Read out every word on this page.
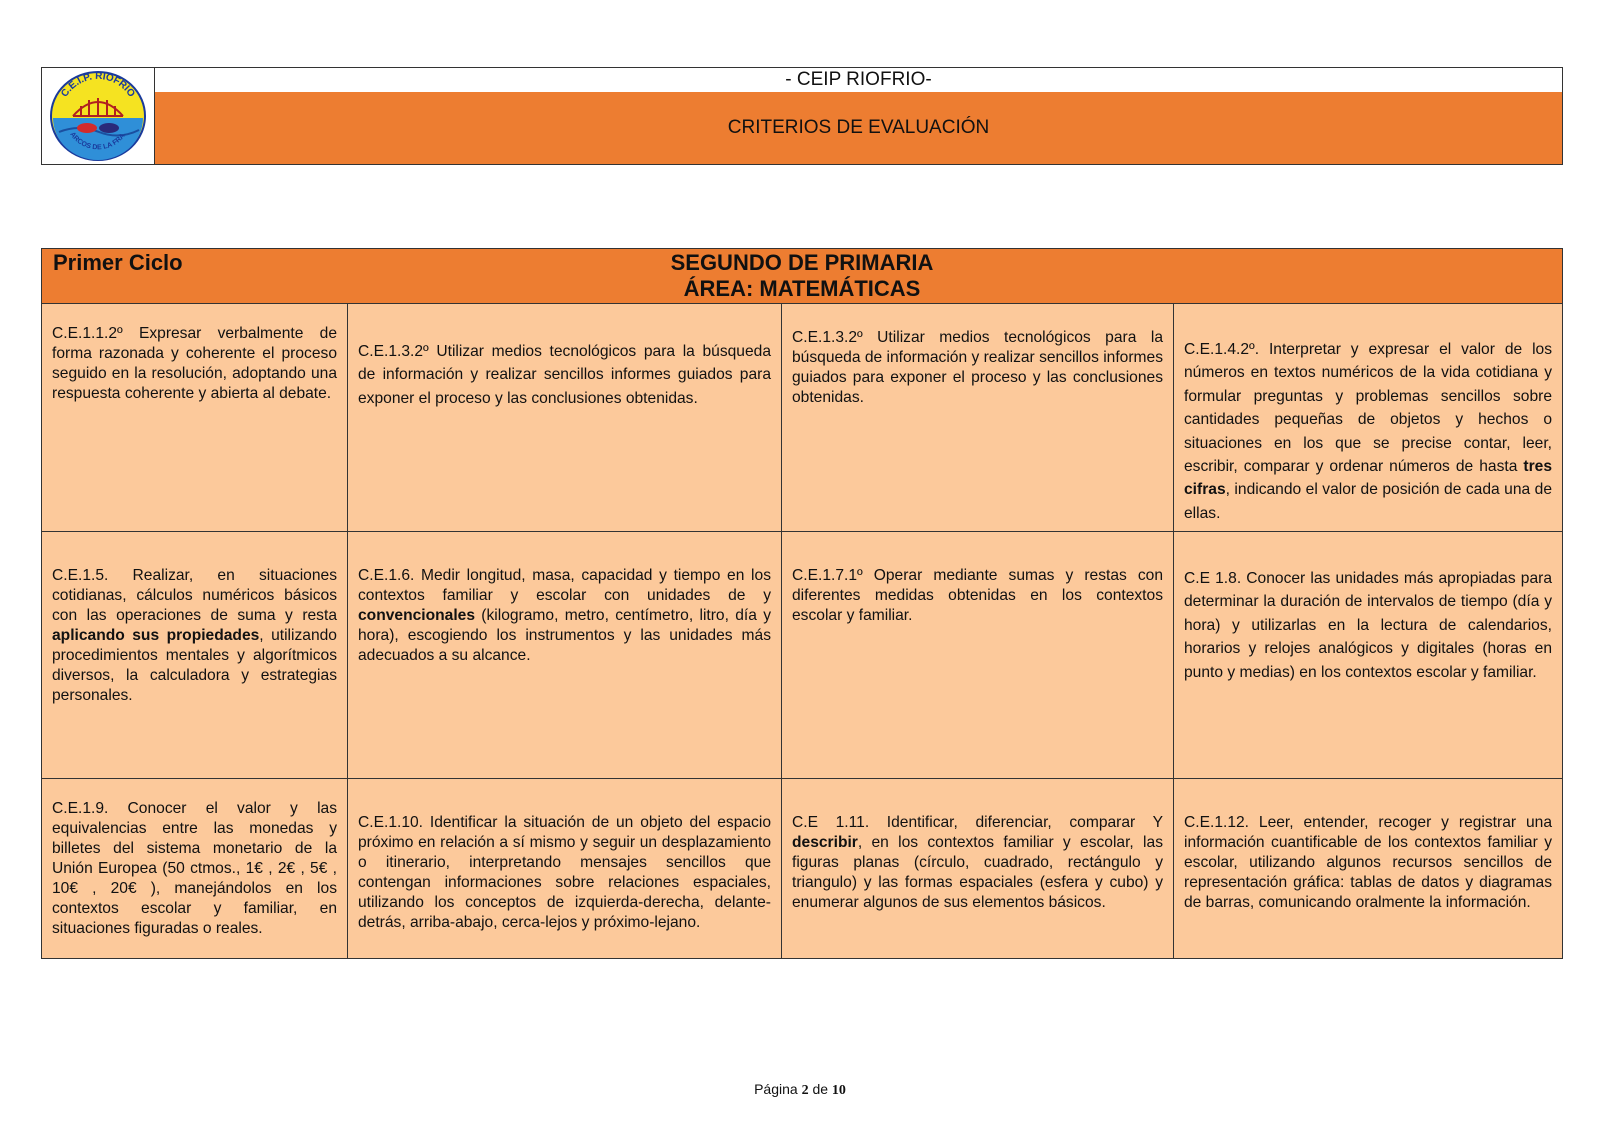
C.E.I.P. RIOFRÍO
ARCOS DE LA FRA.
- CEIP RIOFRIO-
CRITERIOS DE EVALUACIÓN
Primer Ciclo	SEGUNDO DE PRIMARIA
ÁREA: MATEMÁTICAS
C.E.1.1.2º Expresar verbalmente de forma razonada y coherente el proceso seguido en la resolución, adoptando una respuesta coherente y abierta al debate.
C.E.1.3.2º Utilizar medios tecnológicos para la búsqueda de información y realizar sencillos informes guiados para exponer el proceso y las conclusiones obtenidas.
C.E.1.3.2º Utilizar medios tecnológicos para la búsqueda de información y realizar sencillos informes guiados para exponer el proceso y las conclusiones obtenidas.
C.E.1.4.2º. Interpretar y expresar el valor de los números en textos numéricos de la vida cotidiana y formular preguntas y problemas sencillos sobre cantidades pequeñas de objetos y hechos o situaciones en los que se precise contar, leer, escribir, comparar y ordenar números de hasta tres cifras, indicando el valor de posición de cada una de ellas.
C.E.1.5. Realizar, en situaciones cotidianas, cálculos numéricos básicos con las operaciones de suma y resta aplicando sus propiedades, utilizando procedimientos mentales y algorítmicos diversos, la calculadora y estrategias personales.
C.E.1.6. Medir longitud, masa, capacidad y tiempo en los contextos familiar y escolar con unidades de y convencionales (kilogramo, metro, centímetro, litro, día y hora), escogiendo los instrumentos y las unidades más adecuados a su alcance.
C.E.1.7.1º Operar mediante sumas y restas con diferentes medidas obtenidas en los contextos escolar y familiar.
C.E 1.8. Conocer las unidades más apropiadas para determinar la duración de intervalos de tiempo (día y hora) y utilizarlas en la lectura de calendarios, horarios y relojes analógicos y digitales (horas en punto y medias) en los contextos escolar y familiar.
C.E.1.9. Conocer el valor y las equivalencias entre las monedas y billetes del sistema monetario de la Unión Europea (50 ctmos., 1€ , 2€ , 5€ , 10€ , 20€ ), manejándolos en los contextos escolar y familiar, en situaciones figuradas o reales.
C.E.1.10. Identificar la situación de un objeto del espacio próximo en relación a sí mismo y seguir un desplazamiento o itinerario, interpretando mensajes sencillos que contengan informaciones sobre relaciones espaciales, utilizando los conceptos de izquierda-derecha, delante-detrás, arriba-abajo, cerca-lejos y próximo-lejano.
C.E 1.11. Identificar, diferenciar, comparar Y describir, en los contextos familiar y escolar, las figuras planas (círculo, cuadrado, rectángulo y triangulo) y las formas espaciales (esfera y cubo) y enumerar algunos de sus elementos básicos.
C.E.1.12. Leer, entender, recoger y registrar una información cuantificable de los contextos familiar y escolar, utilizando algunos recursos sencillos de representación gráfica: tablas de datos y diagramas de barras, comunicando oralmente la información.
Página 2 de 10
